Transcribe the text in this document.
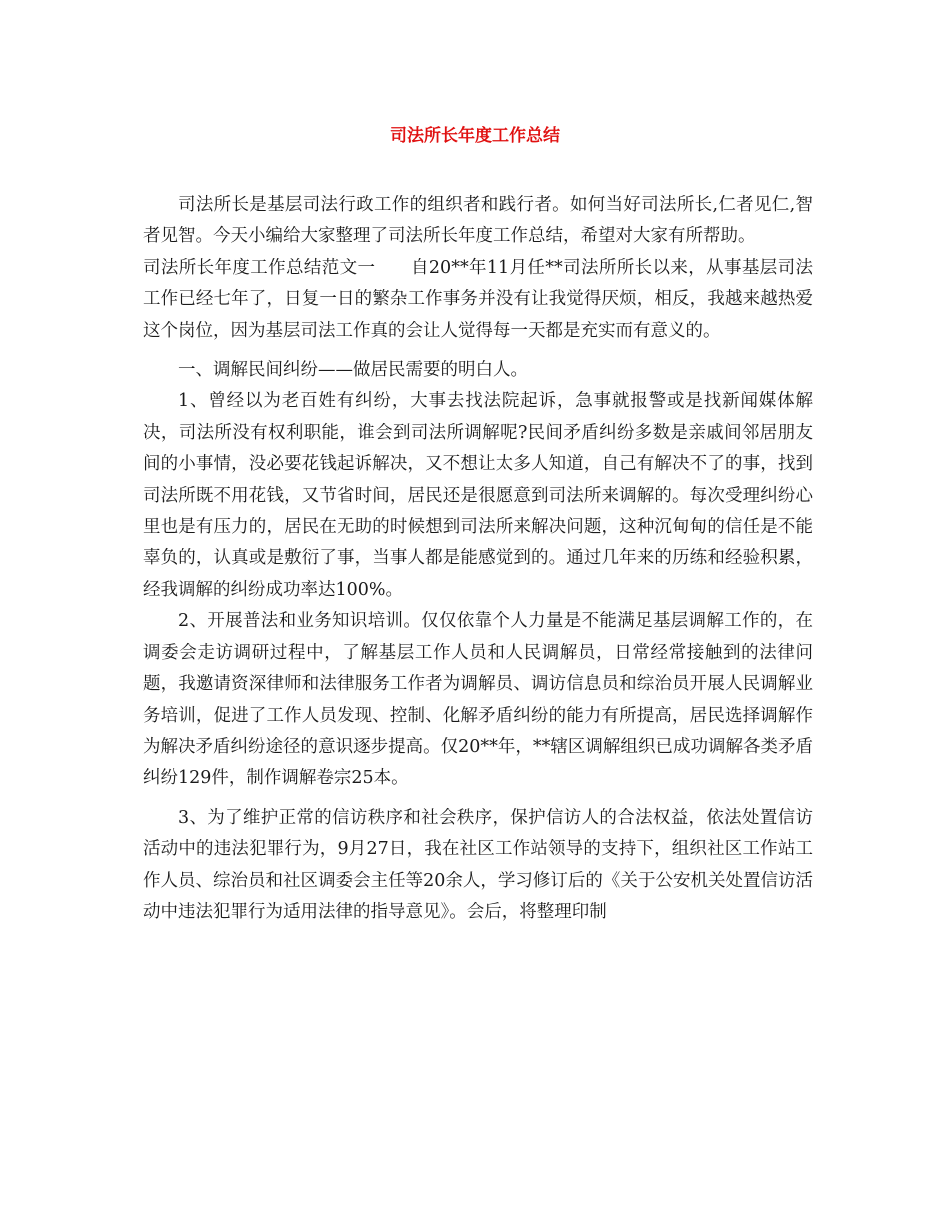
司法所长年度工作总结

司法所长是基层司法行政工作的组织者和践行者。如何当好司法所长,仁者见仁,智者见智。今天小编给大家整理了司法所长年度工作总结，希望对大家有所帮助。

司法所长年度工作总结范文一　　自20**年11月任**司法所所长以来，从事基层司法工作已经七年了，日复一日的繁杂工作事务并没有让我觉得厌烦，相反，我越来越热爱这个岗位，因为基层司法工作真的会让人觉得每一天都是充实而有意义的。

一、调解民间纠纷——做居民需要的明白人。

1、曾经以为老百姓有纠纷，大事去找法院起诉，急事就报警或是找新闻媒体解决，司法所没有权利职能，谁会到司法所调解呢?民间矛盾纠纷多数是亲戚间邻居朋友间的小事情，没必要花钱起诉解决，又不想让太多人知道，自己有解决不了的事，找到司法所既不用花钱，又节省时间，居民还是很愿意到司法所来调解的。每次受理纠纷心里也是有压力的，居民在无助的时候想到司法所来解决问题，这种沉甸甸的信任是不能辜负的，认真或是敷衍了事，当事人都是能感觉到的。通过几年来的历练和经验积累，经我调解的纠纷成功率达100%。

2、开展普法和业务知识培训。仅仅依靠个人力量是不能满足基层调解工作的，在调委会走访调研过程中，了解基层工作人员和人民调解员，日常经常接触到的法律问题，我邀请资深律师和法律服务工作者为调解员、调访信息员和综治员开展人民调解业务培训，促进了工作人员发现、控制、化解矛盾纠纷的能力有所提高，居民选择调解作为解决矛盾纠纷途径的意识逐步提高。仅20**年，**辖区调解组织已成功调解各类矛盾纠纷129件，制作调解卷宗25本。

3、为了维护正常的信访秩序和社会秩序，保护信访人的合法权益，依法处置信访活动中的违法犯罪行为，9月27日，我在社区工作站领导的支持下，组织社区工作站工作人员、综治员和社区调委会主任等20余人，学习修订后的《关于公安机关处置信访活动中违法犯罪行为适用法律的指导意见》。会后，将整理印制
